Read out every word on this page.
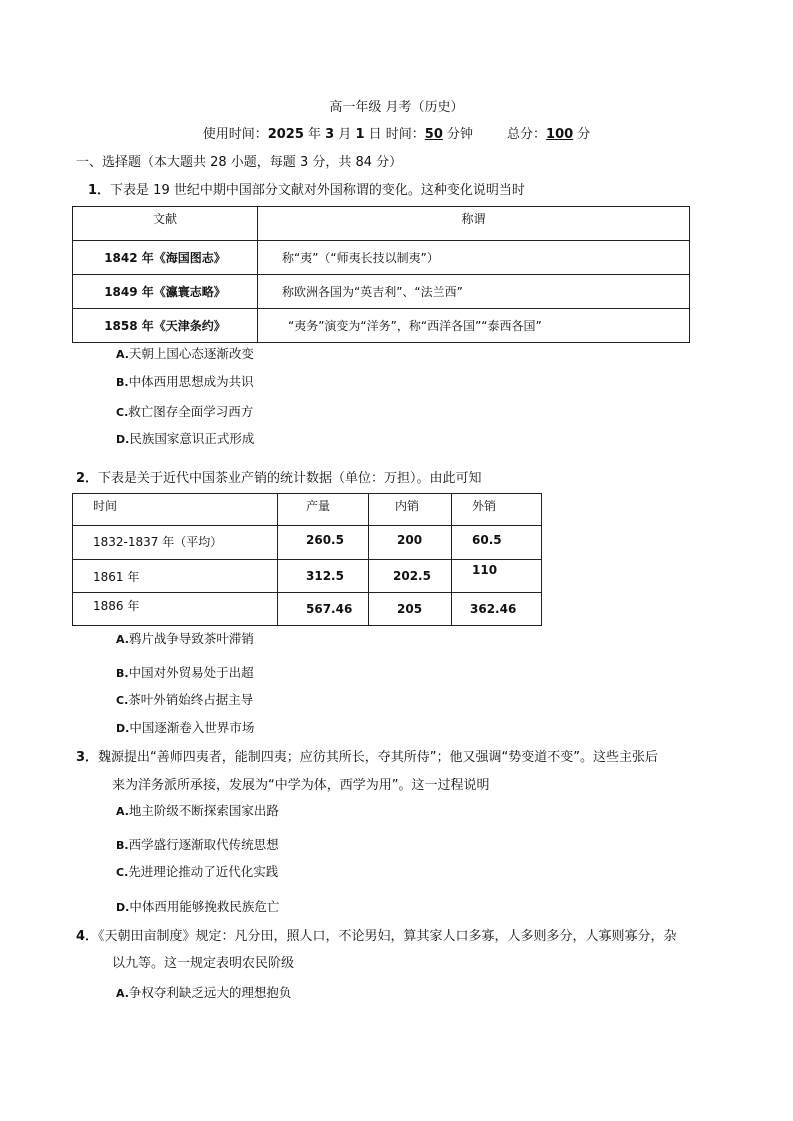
高一年级 月考（历史）
使用时间：2025 年 3 月 1 日 时间：50 分钟	总分：100 分
一、选择题（本大题共 28 小题，每题 3 分，共 84 分）
1．下表是 19 世纪中期中国部分文献对外国称谓的变化。这种变化说明当时
文献	称谓

1842 年《海国图志》	称“夷”（“师夷长技以制夷”）

1849 年《瀛寰志略》	称欧洲各国为“英吉利”、“法兰西”

1858 年《天津条约》	“夷务”演变为“洋务”，称“西洋各国”“泰西各国”
A.天朝上国心态逐渐改变
B.中体西用思想成为共识
C.救亡图存全面学习西方
D.民族国家意识正式形成
2．下表是关于近代中国茶业产销的统计数据（单位：万担）。由此可知
时间	产量	内销	外销

1832-1837 年（平均）	260.5	200	60.5

1861 年	312.5	202.5	110

1886 年	567.46	205	362.46
A.鸦片战争导致茶叶滞销
B.中国对外贸易处于出超
C.茶叶外销始终占据主导
D.中国逐渐卷入世界市场
3．魏源提出“善师四夷者，能制四夷；应彷其所长，夺其所侍”；他又强调“势变道不变”。这些主张后
来为洋务派所承接，发展为“中学为体，西学为用”。这一过程说明
A.地主阶级不断探索国家出路
B.西学盛行逐渐取代传统思想
C.先进理论推动了近代化实践
D.中体西用能够挽救民族危亡
4．《天朝田亩制度》规定：凡分田，照人口，不论男妇，算其家人口多寡，人多则多分，人寡则寡分，杂
以九等。这一规定表明农民阶级
A.争权夺利缺乏远大的理想抱负
